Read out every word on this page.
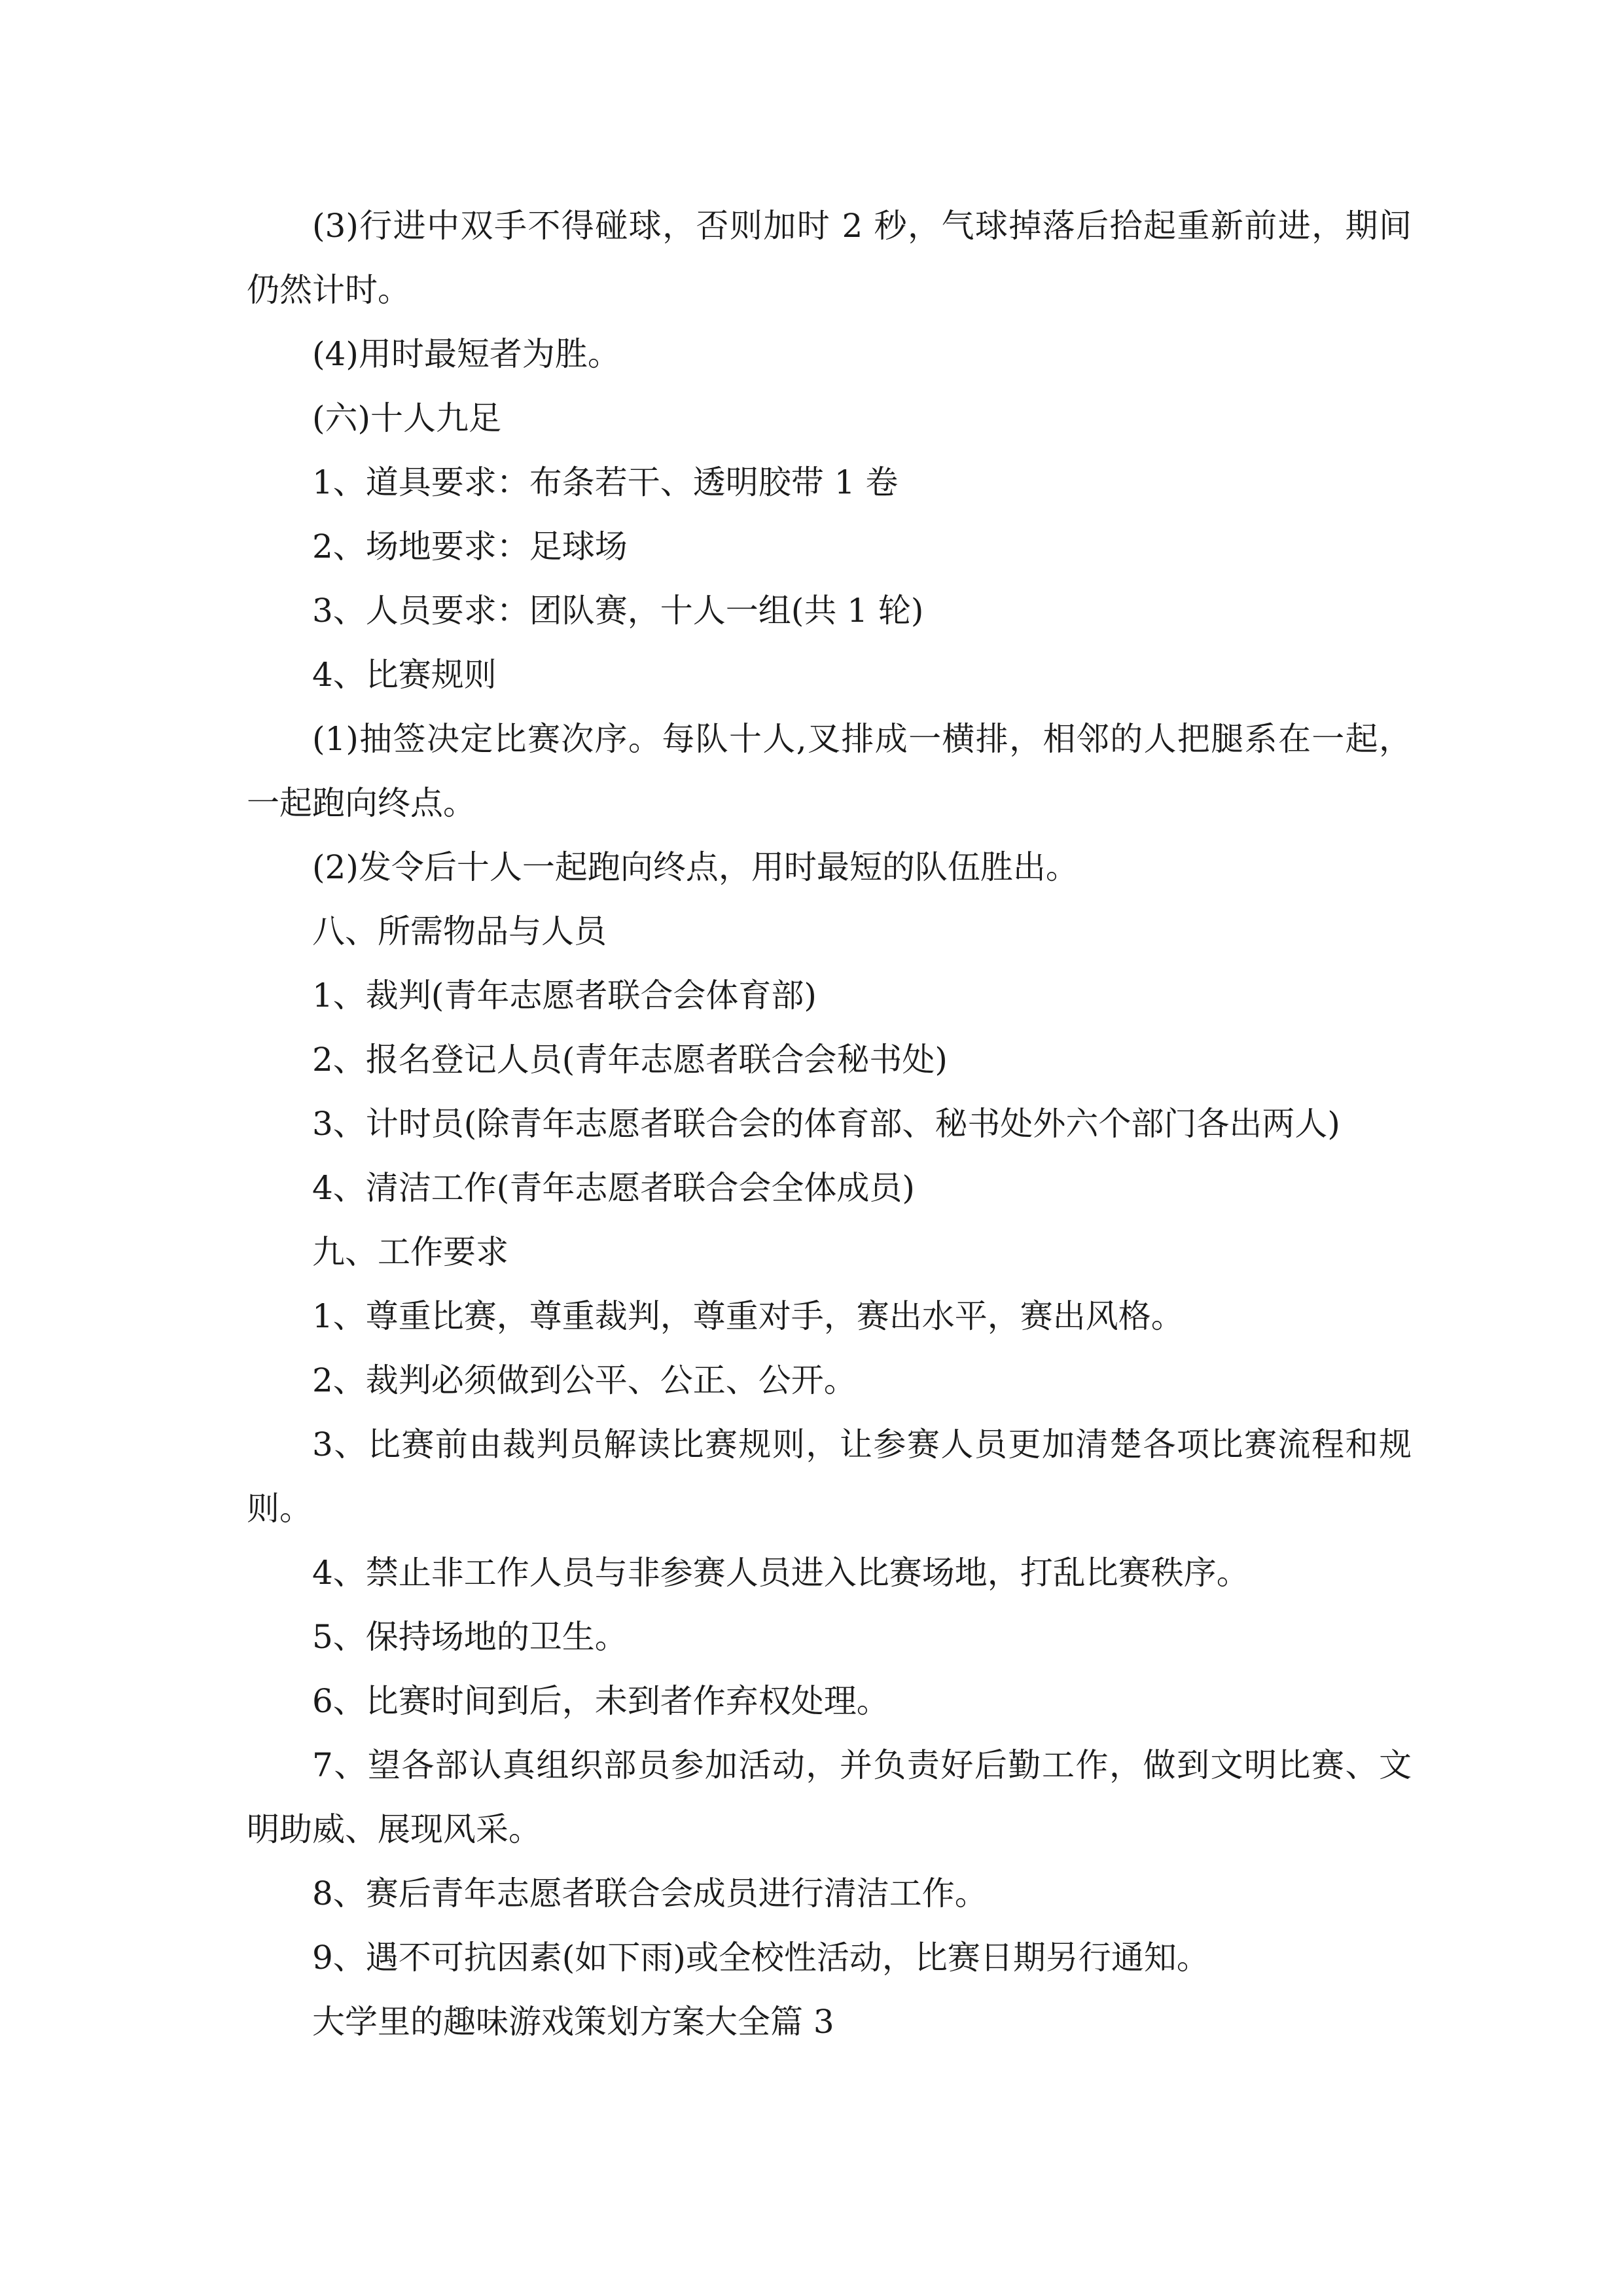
(3)行进中双手不得碰球，否则加时 2 秒，气球掉落后拾起重新前进，期间仍然计时。

(4)用时最短者为胜。

(六)十人九足

1、道具要求：布条若干、透明胶带 1 卷

2、场地要求：足球场

3、人员要求：团队赛，十人一组(共 1 轮)

4、比赛规则

(1)抽签决定比赛次序。每队十人,叉排成一横排，相邻的人把腿系在一起，一起跑向终点。

(2)发令后十人一起跑向终点，用时最短的队伍胜出。

八、所需物品与人员

1、裁判(青年志愿者联合会体育部)

2、报名登记人员(青年志愿者联合会秘书处)

3、计时员(除青年志愿者联合会的体育部、秘书处外六个部门各出两人)

4、清洁工作(青年志愿者联合会全体成员)

九、工作要求

1、尊重比赛，尊重裁判，尊重对手，赛出水平，赛出风格。

2、裁判必须做到公平、公正、公开。

3、比赛前由裁判员解读比赛规则，让参赛人员更加清楚各项比赛流程和规则。

4、禁止非工作人员与非参赛人员进入比赛场地，打乱比赛秩序。

5、保持场地的卫生。

6、比赛时间到后，未到者作弃权处理。

7、望各部认真组织部员参加活动，并负责好后勤工作，做到文明比赛、文明助威、展现风采。

8、赛后青年志愿者联合会成员进行清洁工作。

9、遇不可抗因素(如下雨)或全校性活动，比赛日期另行通知。

大学里的趣味游戏策划方案大全篇 3
